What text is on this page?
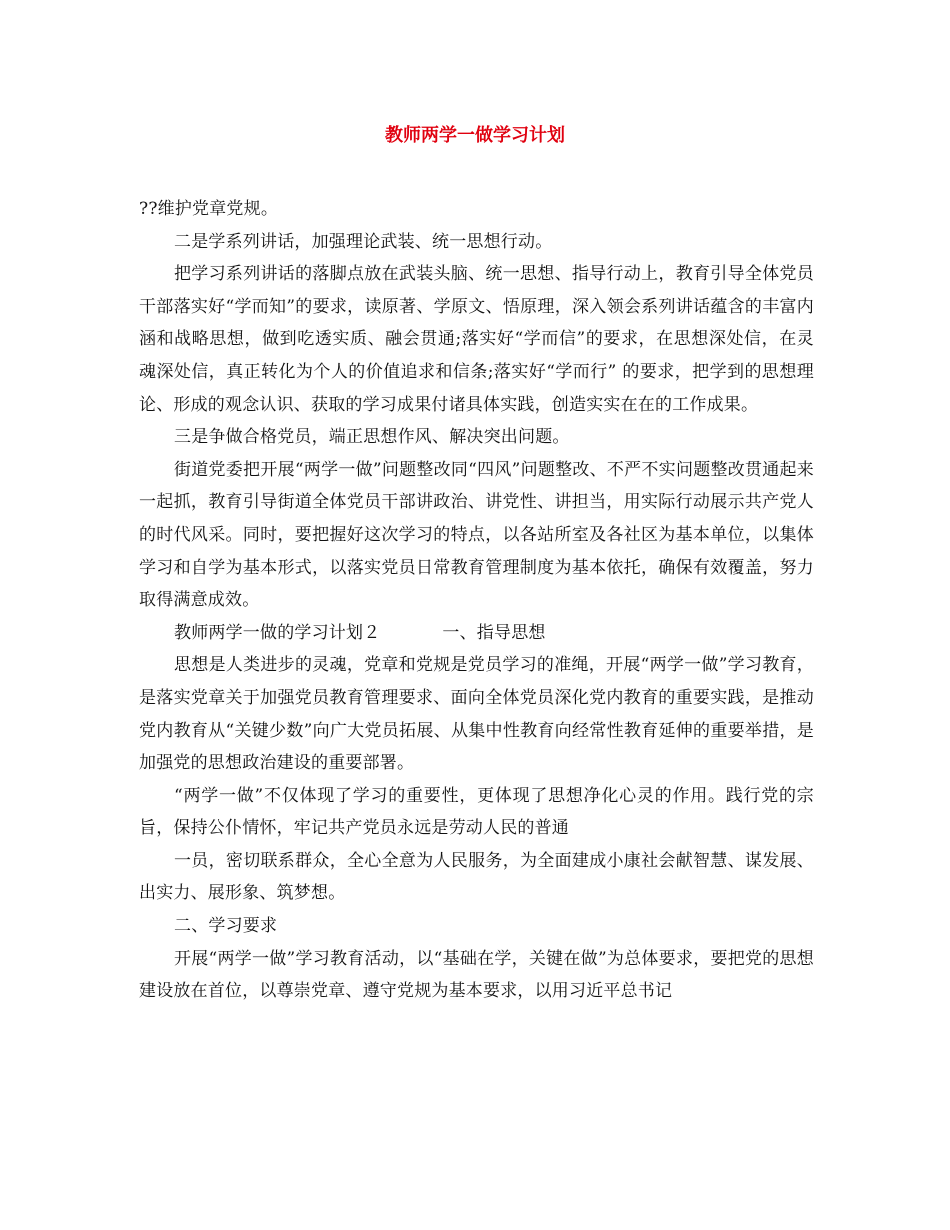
教师两学一做学习计划

??维护党章党规。

二是学系列讲话，加强理论武装、统一思想行动。

把学习系列讲话的落脚点放在武装头脑、统一思想、指导行动上，教育引导全体党员干部落实好“学而知”的要求，读原著、学原文、悟原理，深入领会系列讲话蕴含的丰富内涵和战略思想，做到吃透实质、融会贯通;落实好“学而信”的要求，在思想深处信，在灵魂深处信，真正转化为个人的价值追求和信条;落实好“学而行” 的要求，把学到的思想理论、形成的观念认识、获取的学习成果付诸具体实践，创造实实在在的工作成果。

三是争做合格党员，端正思想作风、解决突出问题。

街道党委把开展“两学一做”问题整改同“四风”问题整改、不严不实问题整改贯通起来一起抓，教育引导街道全体党员干部讲政治、讲党性、讲担当，用实际行动展示共产党人的时代风采。同时，要把握好这次学习的特点，以各站所室及各社区为基本单位，以集体学习和自学为基本形式，以落实党员日常教育管理制度为基本依托，确保有效覆盖，努力取得满意成效。

教师两学一做的学习计划２	一、指导思想

思想是人类进步的灵魂，党章和党规是党员学习的准绳，开展“两学一做”学习教育，是落实党章关于加强党员教育管理要求、面向全体党员深化党内教育的重要实践，是推动党内教育从“关键少数”向广大党员拓展、从集中性教育向经常性教育延伸的重要举措，是加强党的思想政治建设的重要部署。

“两学一做”不仅体现了学习的重要性，更体现了思想净化心灵的作用。践行党的宗旨，保持公仆情怀，牢记共产党员永远是劳动人民的普通

一员，密切联系群众，全心全意为人民服务，为全面建成小康社会献智慧、谋发展、出实力、展形象、筑梦想。

二、学习要求

开展“两学一做”学习教育活动，以“基础在学，关键在做”为总体要求，要把党的思想建设放在首位，以尊崇党章、遵守党规为基本要求，以用习近平总书记
